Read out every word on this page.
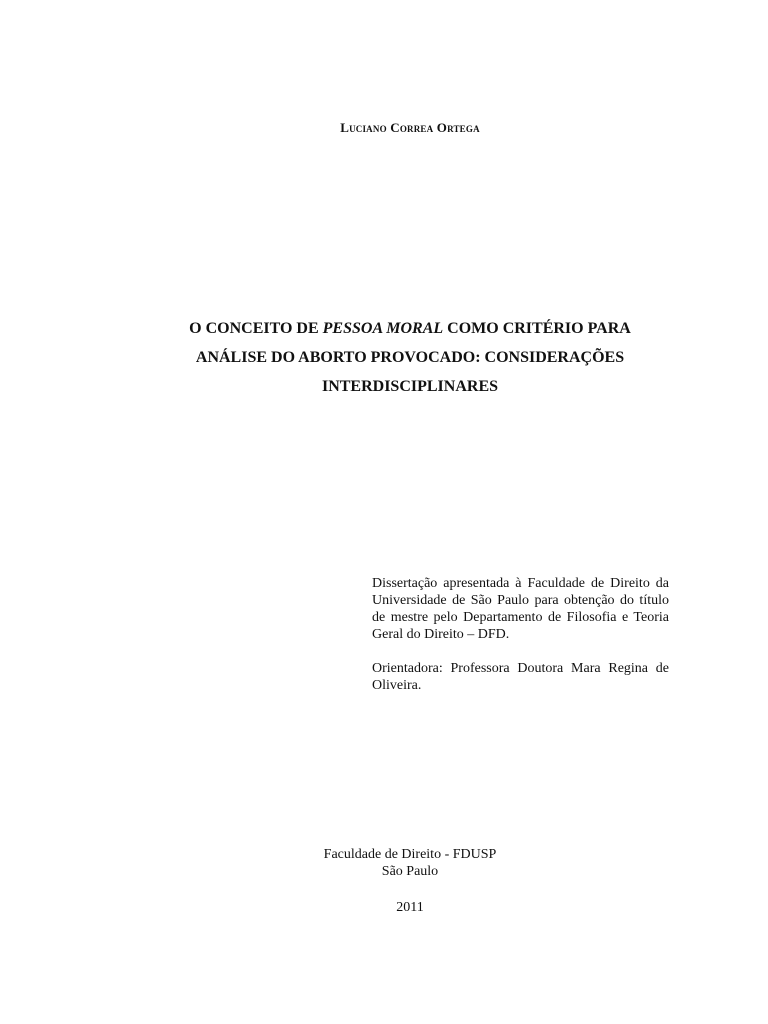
Luciano Correa Ortega
O CONCEITO DE PESSOA MORAL COMO CRITÉRIO PARA
ANÁLISE DO ABORTO PROVOCADO: CONSIDERAÇÕES
INTERDISCIPLINARES

Dissertação apresentada à Faculdade de Direito da Universidade de São Paulo para obtenção do título de mestre pelo Departamento de Filosofia e Teoria Geral do Direito – DFD.

Orientadora: Professora Doutora Mara Regina de Oliveira.

Faculdade de Direito - FDUSP
São Paulo
2011
